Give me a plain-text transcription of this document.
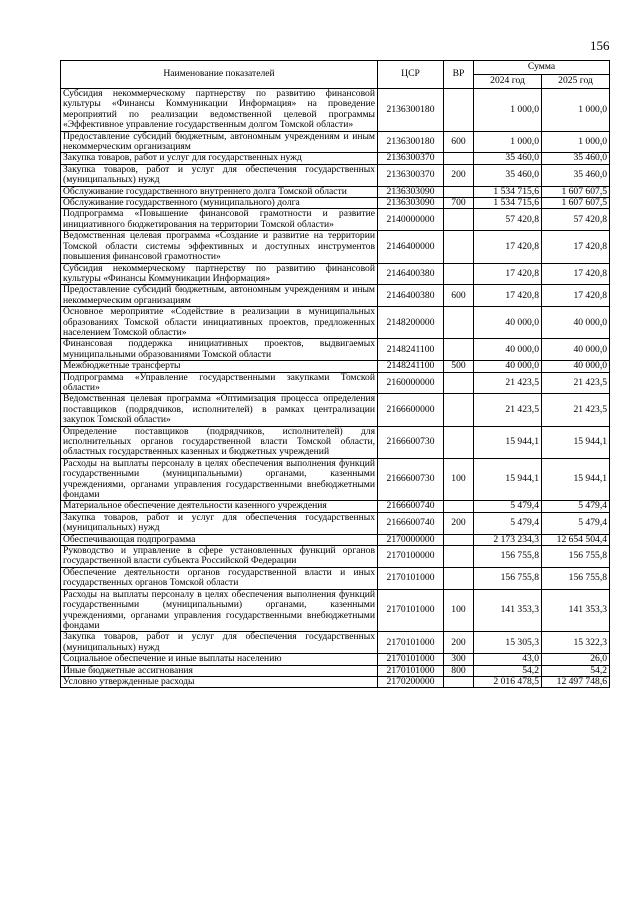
156
Наименование показателей	ЦСР	ВР	Сумма	
			2024 год	2025 год
Субсидия некоммерческому партнерству по развитию финансовой культуры «Финансы Коммуникации Информация» на проведение мероприятий по реализации ведомственной целевой программы «Эффективное управление государственным долгом Томской области»	2136300180		1 000,0	1 000,0
Предоставление субсидий бюджетным, автономным учреждениям и иным некоммерческим организациям	2136300180	600	1 000,0	1 000,0
Закупка товаров, работ и услуг для государственных нужд	2136300370		35 460,0	35 460,0
Закупка товаров, работ и услуг для обеспечения государственных (муниципальных) нужд	2136300370	200	35 460,0	35 460,0
Обслуживание государственного внутреннего долга Томской области	2136303090		1 534 715,6	1 607 607,5
Обслуживание государственного (муниципального) долга	2136303090	700	1 534 715,6	1 607 607,5
Подпрограмма «Повышение финансовой грамотности и развитие инициативного бюджетирования на территории Томской области»	2140000000		57 420,8	57 420,8
Ведомственная целевая программа «Создание и развитие на территории Томской области системы эффективных и доступных инструментов повышения финансовой грамотности»	2146400000		17 420,8	17 420,8
Субсидия некоммерческому партнерству по развитию финансовой культуры «Финансы Коммуникации Информация»	2146400380		17 420,8	17 420,8
Предоставление субсидий бюджетным, автономным учреждениям и иным некоммерческим организациям	2146400380	600	17 420,8	17 420,8
Основное мероприятие «Содействие в реализации в муниципальных образованиях Томской области инициативных проектов, предложенных населением Томской области»	2148200000		40 000,0	40 000,0
Финансовая поддержка инициативных проектов, выдвигаемых муниципальными образованиями Томской области	2148241100		40 000,0	40 000,0
Межбюджетные трансферты	2148241100	500	40 000,0	40 000,0
Подпрограмма «Управление государственными закупками Томской области»	2160000000		21 423,5	21 423,5
Ведомственная целевая программа «Оптимизация процесса определения поставщиков (подрядчиков, исполнителей) в рамках централизации закупок Томской области»	2166600000		21 423,5	21 423,5
Определение поставщиков (подрядчиков, исполнителей) для исполнительных органов государственной власти Томской области, областных государственных казенных и бюджетных учреждений	2166600730		15 944,1	15 944,1
Расходы на выплаты персоналу в целях обеспечения выполнения функций государственными (муниципальными) органами, казенными учреждениями, органами управления государственными внебюджетными фондами	2166600730	100	15 944,1	15 944,1
Материальное обеспечение деятельности казенного учреждения	2166600740		5 479,4	5 479,4
Закупка товаров, работ и услуг для обеспечения государственных (муниципальных) нужд	2166600740	200	5 479,4	5 479,4
Обеспечивающая подпрограмма	2170000000		2 173 234,3	12 654 504,4
Руководство и управление в сфере установленных функций органов государственной власти субъекта Российской Федерации	2170100000		156 755,8	156 755,8
Обеспечение деятельности органов государственной власти и иных государственных органов Томской области	2170101000		156 755,8	156 755,8
Расходы на выплаты персоналу в целях обеспечения выполнения функций государственными (муниципальными) органами, казенными учреждениями, органами управления государственными внебюджетными фондами	2170101000	100	141 353,3	141 353,3
Закупка товаров, работ и услуг для обеспечения государственных (муниципальных) нужд	2170101000	200	15 305,3	15 322,3
Социальное обеспечение и иные выплаты населению	2170101000	300	43,0	26,0
Иные бюджетные ассигнования	2170101000	800	54,2	54,2
Условно утвержденные расходы	2170200000		2 016 478,5	12 497 748,6
